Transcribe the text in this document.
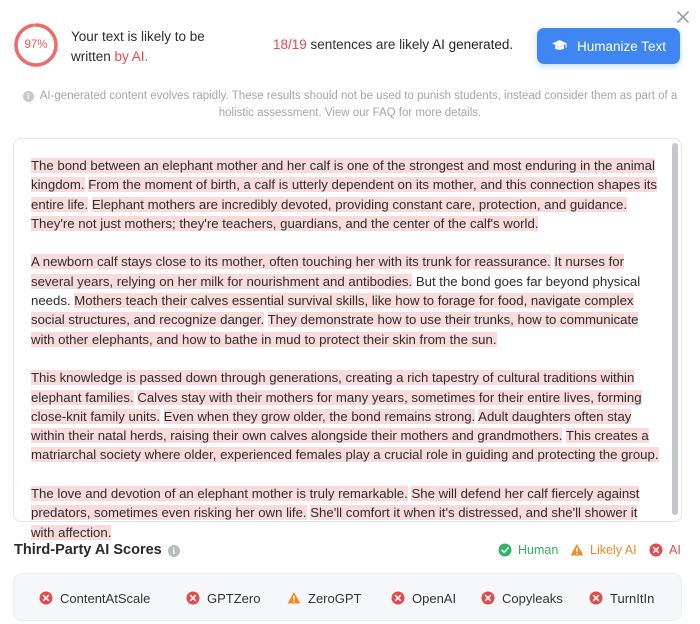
97%
Your text is likely to be written by AI.
18/19 sentences are likely AI generated.	Humanize Text
i AI-generated content evolves rapidly. These results should not be used to punish students, instead consider them as part of a holistic assessment. View our FAQ for more details.

The bond between an elephant mother and her calf is one of the strongest and most enduring in the animal kingdom. From the moment of birth, a calf is utterly dependent on its mother, and this connection shapes its entire life. Elephant mothers are incredibly devoted, providing constant care, protection, and guidance. They're not just mothers; they're teachers, guardians, and the center of the calf's world.

A newborn calf stays close to its mother, often touching her with its trunk for reassurance. It nurses for several years, relying on her milk for nourishment and antibodies. But the bond goes far beyond physical needs. Mothers teach their calves essential survival skills, like how to forage for food, navigate complex social structures, and recognize danger. They demonstrate how to use their trunks, how to communicate with other elephants, and how to bathe in mud to protect their skin from the sun.

This knowledge is passed down through generations, creating a rich tapestry of cultural traditions within elephant families. Calves stay with their mothers for many years, sometimes for their entire lives, forming close-knit family units. Even when they grow older, the bond remains strong. Adult daughters often stay within their natal herds, raising their own calves alongside their mothers and grandmothers. This creates a matriarchal society where older, experienced females play a crucial role in guiding and protecting the group.

The love and devotion of an elephant mother is truly remarkable. She will defend her calf fiercely against predators, sometimes even risking her own life. She'll comfort it when it's distressed, and she'll shower it with affection.

Third-Party AI Scores i	Human	Likely AI	AI
ContentAtScale	GPTZero	ZeroGPT	OpenAI	Copyleaks	TurnItIn
